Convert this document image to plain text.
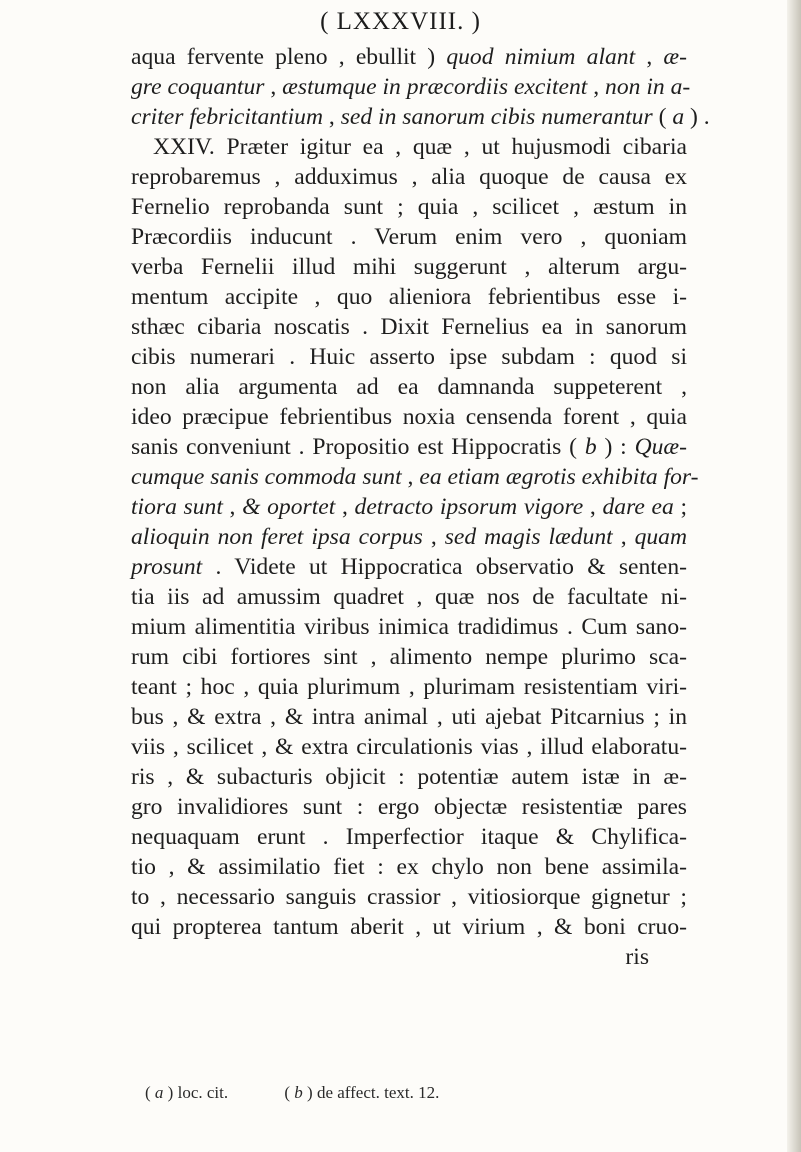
( LXXXVIII. )
aqua fervente pleno , ebullit ) quod nimium alant , æ-
gre coquantur , æstumque in præcordiis excitent , non in a-
criter febricitantium , sed in sanorum cibis numerantur ( a ) .
XXIV. Præter igitur ea , quæ , ut hujusmodi cibaria
reprobaremus , adduximus , alia quoque de causa ex
Fernelio reprobanda sunt ; quia , scilicet , æstum in
Præcordiis inducunt . Verum enim vero , quoniam
verba Fernelii illud mihi suggerunt , alterum argu-
mentum accipite , quo alieniora febrientibus esse i-
sthæc cibaria noscatis . Dixit Fernelius ea in sanorum
cibis numerari . Huic asserto ipse subdam : quod si
non alia argumenta ad ea damnanda suppeterent ,
ideo præcipue febrientibus noxia censenda forent , quia
sanis conveniunt . Propositio est Hippocratis ( b ) : Quæ-
cumque sanis commoda sunt , ea etiam ægrotis exhibita for-
tiora sunt , & oportet , detracto ipsorum vigore , dare ea ;
alioquin non feret ipsa corpus , sed magis lædunt , quam
prosunt . Videte ut Hippocratica observatio & senten-
tia iis ad amussim quadret , quæ nos de facultate ni-
mium alimentitia viribus inimica tradidimus . Cum sano-
rum cibi fortiores sint , alimento nempe plurimo sca-
teant ; hoc , quia plurimum , plurimam resistentiam viri-
bus , & extra , & intra animal , uti ajebat Pitcarnius ; in
viis , scilicet , & extra circulationis vias , illud elaboratu-
ris , & subacturis objicit : potentiæ autem istæ in æ-
gro invalidiores sunt : ergo objectæ resistentiæ pares
nequaquam erunt . Imperfectior itaque & Chylifica-
tio , & assimilatio fiet : ex chylo non bene assimila-
to , necessario sanguis crassior , vitiosiorque gignetur ;
qui propterea tantum aberit , ut virium , & boni cruo-
ris
( a ) loc. cit.	( b ) de affect. text. 12.
